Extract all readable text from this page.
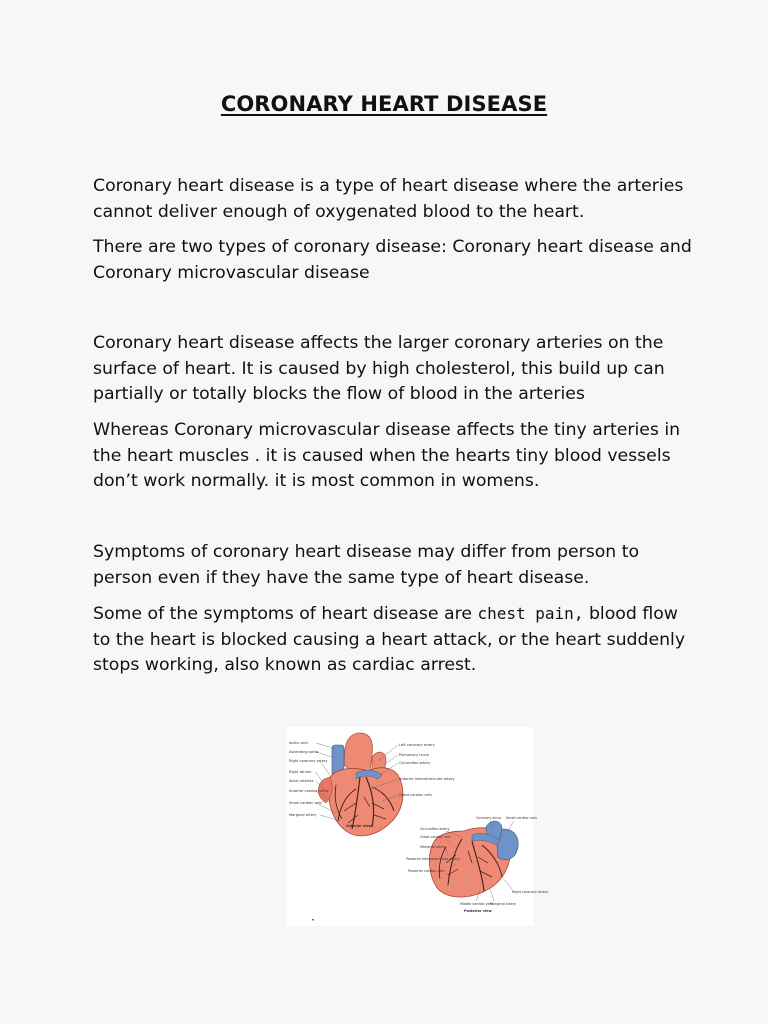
CORONARY HEART DISEASE

Coronary heart disease is a type of heart disease where the arteries cannot deliver enough of oxygenated blood to the heart.

There are two types of coronary disease: Coronary heart disease and Coronary microvascular disease

Coronary heart disease affects the larger coronary arteries on the surface of heart. It is caused by high cholesterol, this build up can partially or totally blocks the flow of blood in the arteries

Whereas Coronary microvascular disease affects the tiny arteries in the heart muscles . it is caused when the hearts tiny blood vessels don’t work normally. it is most common in womens.

Symptoms of coronary heart disease may differ from person to person even if they have the same type of heart disease.

Some of the symptoms of heart disease are chest pain, blood flow to the heart is blocked causing a heart attack, or the heart suddenly stops working, also known as cardiac arrest.

Aortic arch
Ascending aorta
Right coronary artery
Right atrium
Atrial arteries
Anterior cardiac veins
Small cardiac vein
Marginal artery
Left coronary artery
Pulmonary trunk
Circumflex artery
Anterior interventricular artery
Great cardiac vein
Anterior view
Circumflex artery
Great cardiac vein
Marginal artery
Posterior interventricular artery
Posterior cardiac vein
Coronary sinus Small cardiac vein
Middle cardiac vein
Marginal artery
Right coronary artery
Posterior view
